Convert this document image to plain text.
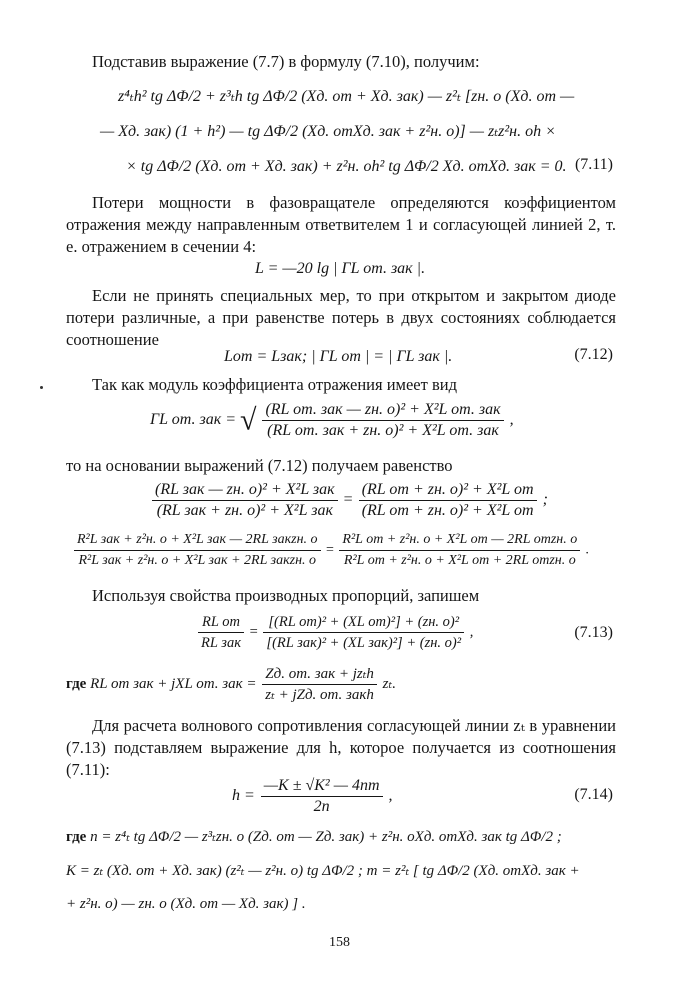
Подставив выражение (7.7) в формулу (7.10), получим:
z⁴ₜh² tg ΔΦ/2 + z³ₜh tg ΔΦ/2 (Xд. от + Xд. зак) — z²ₜ [zн. о (Xд. от —
— Xд. зак) (1 + h²) — tg ΔΦ/2 (Xд. отXд. зак + z²н. о)] — zₜz²н. оh ×
× tg ΔΦ/2 (Xд. от + Xд. зак) + z²н. оh² tg ΔΦ/2 Xд. отXд. зак = 0. (7.11)
Потери мощности в фазовращателе определяются коэффициентом отражения между направленным ответвителем 1 и согласующей линией 2, т. е. отражением в сечении 4:
L = —20 lg | ΓL от. зак |.
Если не принять специальных мер, то при открытом и закрытом диоде потери различные, а при равенстве потерь в двух состояниях соблюдается соотношение
Lот = Lзак; | ΓL от | = | ΓL зак |.	(7.12)
Так как модуль коэффициента отражения имеет вид
ΓL от. зак = √ $\frac{\text{(RL от. зак — zн. о)² + X²L от. зак}}{\text{(RL от. зак + zн. о)² + X²L от. зак}}$ ,
то на основании выражений (7.12) получаем равенство
$\frac{\text{(RL зак — zн. о)² + X²L зак}}{\text{(RL зак + zн. о)² + X²L зак}} = \frac{\text{(RL от + zн. о)² + X²L от}}{\text{(RL от + zн. о)² + X²L от}}$ ;
$\frac{\text{R²L зак + z²н. о + X²L зак — 2RL закzн. о}}{\text{R²L зак + z²н. о + X²L зак + 2RL закzн. о}} = \frac{\text{R²L от + z²н. о + X²L от — 2RL отzн. о}}{\text{R²L от + z²н. о + X²L от + 2RL отzн. о}}$ .
Используя свойства производных пропорций, запишем
$\frac{\text{RL от}}{\text{RL зак}} = \frac{\text{[(RL от)² + (XL от)²] + (zн. о)²}}{\text{[(RL зак)² + (XL зак)²] + (zн. о)²}}$ ,	(7.13)
где RL от зак + jXL от. зак = $\frac{\text{Zд. от. зак + jzₜh}}{\text{zₜ + jZд. от. закh}} z_t$.
Для расчета волнового сопротивления согласующей линии zₜ в уравнении (7.13) подставляем выражение для h, которое получается из соотношения (7.11):
$h = \frac{\text{—K ± √K² — 4nm}}{2n}$ ,	(7.14)
где n = z⁴ₜ tg ΔΦ/2 — z³ₜzн. о (Zд. от — Zд. зак) + z²н. оXд. отXд. зак tg ΔΦ/2 ;
K = zₜ (Xд. от + Xд. зак) (z²ₜ — z²н. о) tg ΔΦ/2 ; m = z²ₜ [ tg ΔΦ/2 (Xд. отXд. зак +
+ z²н. о) — zн. о (Xд. от — Xд. зак) ] .
158
